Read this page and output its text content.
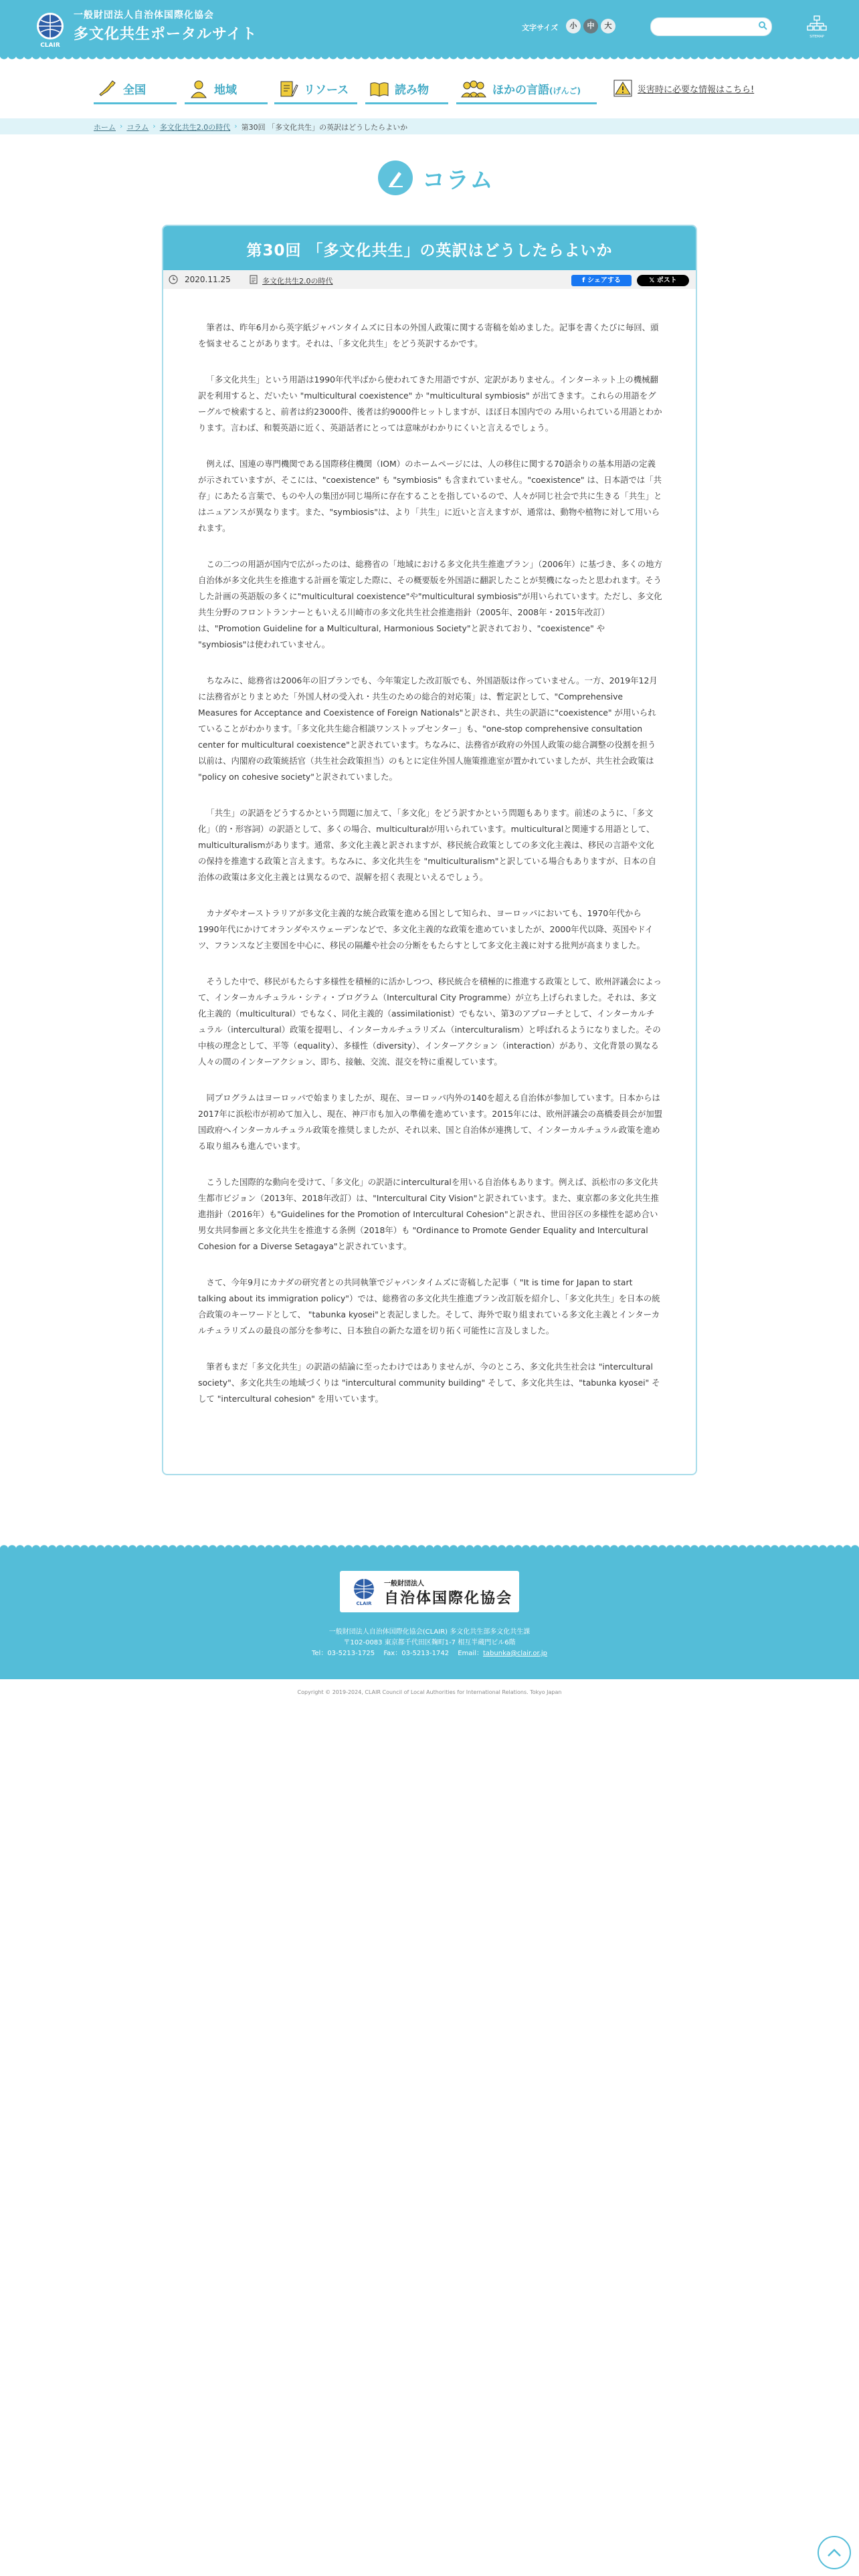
CLAIR
一般財団法人自治体国際化協会
多文化共生ポータルサイト	文字サイズ	小	中	大
SITEMAP
全国	地域	リソース	読み物	ほかの言語(げんご)	災害時に必要な情報はこちら!
ホーム › コラム › 多文化共生2.0の時代 › 第30回 「多文化共生」の英訳はどうしたらよいか
コラム
第30回 「多文化共生」の英訳はどうしたらよいか
2020.11.25	多文化共生2.0の時代	f シェアする	𝕏 ポスト

筆者は、昨年6月から英字紙ジャパンタイムズに日本の外国人政策に関する寄稿を始めました。記事を書くたびに毎回、頭を悩ませることがあります。それは、「多文化共生」をどう英訳するかです。

「多文化共生」という用語は1990年代半ばから使われてきた用語ですが、定訳がありません。インターネット上の機械翻訳を利用すると、だいたい "multicultural coexistence" か "multicultural symbiosis" が出てきます。これらの用語をグーグルで検索すると、前者は約23000件、後者は約9000件ヒットしますが、ほぼ日本国内での み用いられている用語とわかります。言わば、和製英語に近く、英語話者にとっては意味がわかりにくいと言えるでしょう。

例えば、国連の専門機関である国際移住機関（IOM）のホームページには、人の移住に関する70語余りの基本用語の定義が示されていますが、そこには、"coexistence" も "symbiosis" も含まれていません。"coexistence" は、日本語では「共存」にあたる言葉で、ものや人の集団が同じ場所に存在することを指しているので、人々が同じ社会で共に生きる「共生」とはニュアンスが異なります。また、"symbiosis"は、より「共生」に近いと言えますが、通常は、動物や植物に対して用いられます。

この二つの用語が国内で広がったのは、総務省の「地域における多文化共生推進プラン」（2006年）に基づき、多くの地方自治体が多文化共生を推進する計画を策定した際に、その概要版を外国語に翻訳したことが契機になったと思われます。そうした計画の英語版の多くに"multicultural coexistence"や"multicultural symbiosis"が用いられています。ただし、多文化共生分野のフロントランナーともいえる川崎市の多文化共生社会推進指針（2005年、2008年・2015年改訂）は、"Promotion Guideline for a Multicultural, Harmonious Society"と訳されており、"coexistence" や "symbiosis"は使われていません。

ちなみに、総務省は2006年の旧プランでも、今年策定した改訂版でも、外国語版は作っていません。一方、2019年12月に法務省がとりまとめた「外国人材の受入れ・共生のための総合的対応策」は、暫定訳として、"Comprehensive Measures for Acceptance and Coexistence of Foreign Nationals"と訳され、共生の訳語に"coexistence" が用いられていることがわかります。「多文化共生総合相談ワンストップセンター」も、"one-stop comprehensive consultation center for multicultural coexistence"と訳されています。ちなみに、法務省が政府の外国人政策の総合調整の役割を担う以前は、内閣府の政策統括官（共生社会政策担当）のもとに定住外国人施策推進室が置かれていましたが、共生社会政策は "policy on cohesive society"と訳されていました。

「共生」の訳語をどうするかという問題に加えて、「多文化」をどう訳すかという問題もあります。前述のように、「多文化」（的・形容詞）の訳語として、多くの場合、multiculturalが用いられています。multiculturalと関連する用語として、multiculturalismがあります。通常、多文化主義と訳されますが、移民統合政策としての多文化主義は、移民の言語や文化の保持を推進する政策と言えます。ちなみに、多文化共生を "multiculturalism"と訳している場合もありますが、日本の自治体の政策は多文化主義とは異なるので、誤解を招く表現といえるでしょう。

カナダやオーストラリアが多文化主義的な統合政策を進める国として知られ、ヨーロッパにおいても、1970年代から1990年代にかけてオランダやスウェーデンなどで、多文化主義的な政策を進めていましたが、2000年代以降、英国やドイツ、フランスなど主要国を中心に、移民の隔離や社会の分断をもたらすとして多文化主義に対する批判が高まりました。

そうした中で、移民がもたらす多様性を積極的に活かしつつ、移民統合を積極的に推進する政策として、欧州評議会によって、インターカルチュラル・シティ・プログラム（Intercultural City Programme）が立ち上げられました。それは、多文化主義的（multicultural）でもなく、同化主義的（assimilationist）でもない、第3のアプローチとして、インターカルチュラル（intercultural）政策を提唱し、インターカルチュラリズム（interculturalism）と呼ばれるようになりました。その中核の理念として、平等（equality）、多様性（diversity）、インターアクション（interaction）があり、文化背景の異なる人々の間のインターアクション、即ち、接触、交流、混交を特に重視しています。

同プログラムはヨーロッパで始まりましたが、現在、ヨーロッパ内外の140を超える自治体が参加しています。日本からは2017年に浜松市が初めて加入し、現在、神戸市も加入の準備を進めています。2015年には、欧州評議会の髙橋委員会が加盟国政府へインターカルチュラル政策を推奨しましたが、それ以来、国と自治体が連携して、インターカルチュラル政策を進める取り組みも進んでいます。

こうした国際的な動向を受けて、「多文化」の訳語にinterculturalを用いる自治体もあります。例えば、浜松市の多文化共生都市ビジョン（2013年、2018年改訂）は、"Intercultural City Vision"と訳されています。また、東京都の多文化共生推進指針（2016年）も"Guidelines for the Promotion of Intercultural Cohesion"と訳され、世田谷区の多様性を認め合い男女共同参画と多文化共生を推進する条例（2018年）も "Ordinance to Promote Gender Equality and Intercultural Cohesion for a Diverse Setagaya"と訳されています。

さて、今年9月にカナダの研究者との共同執筆でジャパンタイムズに寄稿した記事（ "It is time for Japan to start talking about its immigration policy"）では、総務省の多文化共生推進プラン改訂版を紹介し、「多文化共生」を日本の統合政策のキーワードとして、 "tabunka kyosei"と表記しました。そして、海外で取り組まれている多文化主義とインターカルチュラリズムの最良の部分を参考に、日本独自の新たな道を切り拓く可能性に言及しました。

筆者もまだ「多文化共生」の訳語の結論に至ったわけではありませんが、今のところ、多文化共生社会は "intercultural society"、多文化共生の地域づくりは "intercultural community building" そして、多文化共生は、"tabunka kyosei" そして "intercultural cohesion" を用いています。

CLAIR
一般財団法人
自治体国際化協会
一般財団法人自治体国際化協会(CLAIR) 多文化共生部多文化共生課
〒102-0083 東京都千代田区麹町1-7 相互半蔵門ビル6階
Tel：03-5213-1725　 Fax：03-5213-1742　 Email：tabunka@clair.or.jp
Copyright © 2019-2024, CLAIR Council of Local Authorities for International Relations. Tokyo Japan
